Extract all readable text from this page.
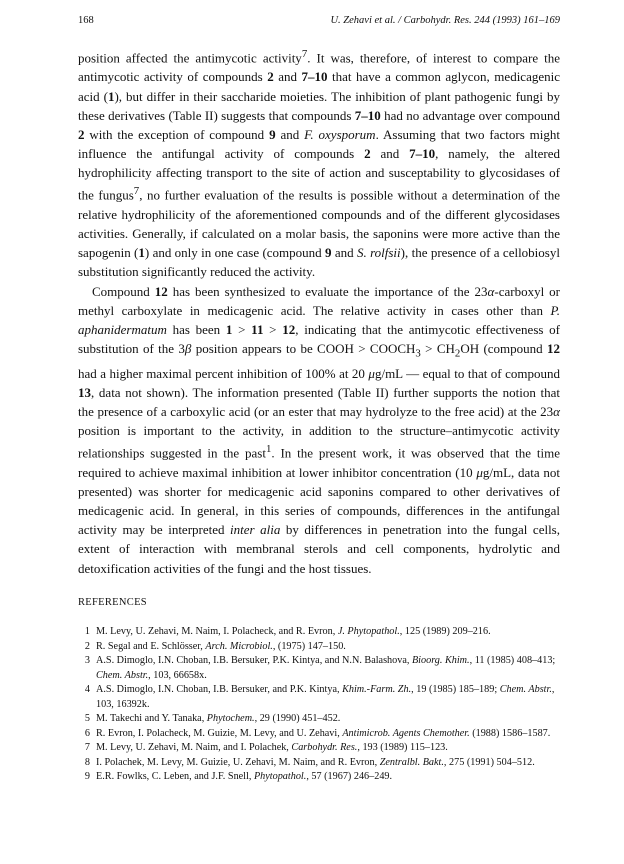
168	U. Zehavi et al. / Carbohydr. Res. 244 (1993) 161–169

position affected the antimycotic activity$^7$. It was, therefore, of interest to compare the antimycotic activity of compounds 2 and 7–10 that have a common aglycon, medicagenic acid (1), but differ in their saccharide moieties. The inhibition of plant pathogenic fungi by these derivatives (Table II) suggests that compounds 7–10 had no advantage over compound 2 with the exception of compound 9 and F. oxysporum. Assuming that two factors might influence the antifungal activity of compounds 2 and 7–10, namely, the altered hydrophilicity affecting transport to the site of action and susceptability to glycosidases of the fungus$^7$, no further evaluation of the results is possible without a determination of the relative hydrophilicity of the aforementioned compounds and of the different glycosidases activities. Generally, if calculated on a molar basis, the saponins were more active than the sapogenin (1) and only in one case (compound 9 and S. rolfsii), the presence of a cellobiosyl substitution significantly reduced the activity.

Compound 12 has been synthesized to evaluate the importance of the 23α-carboxyl or methyl carboxylate in medicagenic acid. The relative activity in cases other than P. aphanidermatum has been 1 > 11 > 12, indicating that the antimycotic effectiveness of substitution of the 3β position appears to be COOH > $COOCH_3 > CH_2OH$ (compound 12 had a higher maximal percent inhibition of 100% at 20 μg/mL — equal to that of compound 13, data not shown). The information presented (Table II) further supports the notion that the presence of a carboxylic acid (or an ester that may hydrolyze to the free acid) at the 23α position is important to the activity, in addition to the structure–antimycotic activity relationships suggested in the past$^1$. In the present work, it was observed that the time required to achieve maximal inhibition at lower inhibitor concentration (10 μg/mL, data not presented) was shorter for medicagenic acid saponins compared to other derivatives of medicagenic acid. In general, in this series of compounds, differences in the antifungal activity may be interpreted inter alia by differences in penetration into the fungal cells, extent of interaction with membranal sterols and cell components, hydrolytic and detoxification activities of the fungi and the host tissues.

REFERENCES
1 M. Levy, U. Zehavi, M. Naim, I. Polacheck, and R. Evron, J. Phytopathol., 125 (1989) 209–216.
2 R. Segal and E. Schlösser, Arch. Microbiol., (1975) 147–150.
3 A.S. Dimoglo, I.N. Choban, I.B. Bersuker, P.K. Kintya, and N.N. Balashova, Bioorg. Khim., 11 (1985) 408–413; Chem. Abstr., 103, 66658x.
4 A.S. Dimoglo, I.N. Choban, I.B. Bersuker, and P.K. Kintya, Khim.-Farm. Zh., 19 (1985) 185–189; Chem. Abstr., 103, 16392k.
5 M. Takechi and Y. Tanaka, Phytochem., 29 (1990) 451–452.
6 R. Evron, I. Polacheck, M. Guizie, M. Levy, and U. Zehavi, Antimicrob. Agents Chemother. (1988) 1586–1587.
7 M. Levy, U. Zehavi, M. Naim, and I. Polachek, Carbohydr. Res., 193 (1989) 115–123.
8 I. Polachek, M. Levy, M. Guizie, U. Zehavi, M. Naim, and R. Evron, Zentralbl. Bakt., 275 (1991) 504–512.
9 E.R. Fowlks, C. Leben, and J.F. Snell, Phytopathol., 57 (1967) 246–249.
